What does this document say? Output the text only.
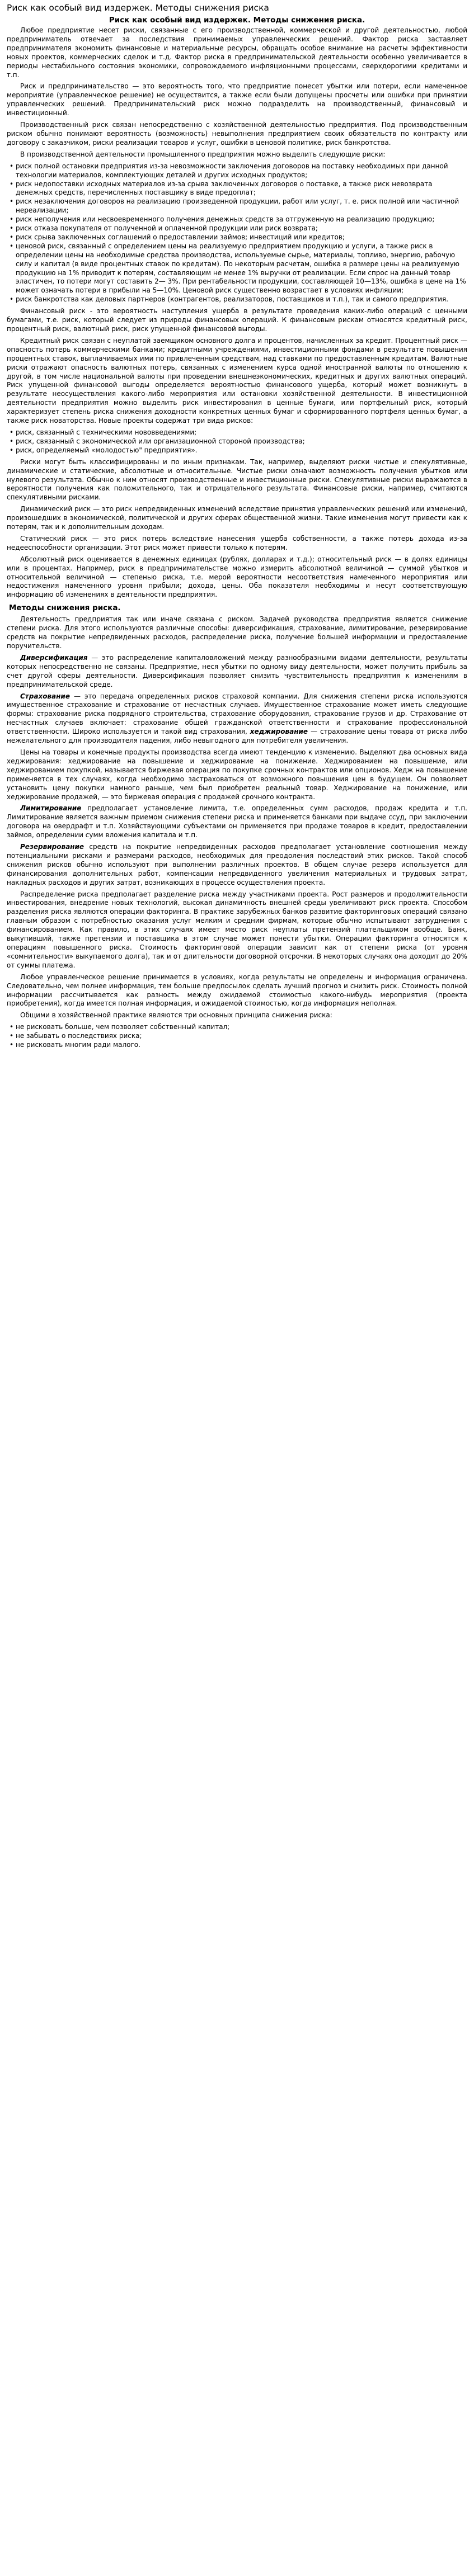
Риск как особый вид издержек. Методы снижения риска
Риск как особый вид издержек. Методы снижения риска.

Любое предприятие несет риски, связанные с его производственной, коммерческой и другой деятельностью, любой предприниматель отвечает за последствия принимаемых управленческих решений. Фактор риска заставляет предпринимателя экономить финансовые и материальные ресурсы, обращать особое внимание на расчеты эффективности новых проектов, коммерческих сделок и т.д. Фактор риска в предпринимательской деятельности особенно увеличивается в периоды нестабильного состояния экономики, сопровождаемого инфляционными процессами, сверхдорогими кредитами и т.п.

Риск и предпринимательство — это вероятность того, что предприятие понесет убытки или потери, если намеченное мероприятие (управленческое решение) не осуществится, а также если были допущены просчеты или ошибки при принятии управленческих решений. Предпринимательский риск можно подразделить на производственный, финансовый и инвестиционный.

Производственный риск связан непосредственно с хозяйственной деятельностью предприятия. Под производственным риском обычно понимают вероятность (возможность) невыполнения предприятием своих обязательств по контракту или договору с заказчиком, риски реализации товаров и услуг, ошибки в ценовой политике, риск банкротства.

В производственной деятельности промышленного предприятия можно выделить следующие риски:

• риск полной остановки предприятия из-за невозможности заключения договоров на поставку необходимых при данной технологии материалов, комплектующих деталей и других исходных продуктов;
• риск недопоставки исходных материалов из-за срыва заключенных договоров о поставке, а также риск невозврата денежных средств, перечисленных поставщику в виде предоплат;
• риск незаключения договоров на реализацию произведенной продукции, работ или услуг, т. е. риск полной или частичной нереализации;
• риск неполучения или несвоевременного получения денежных средств за отгруженную на реализацию продукцию;
• риск отказа покупателя от полученной и оплаченной продукции или риск возврата;
• риск срыва заключенных соглашений о предоставлении займов; инвестиций или кредитов;
• ценовой риск, связанный с определением цены на реализуемую предприятием продукцию и услуги, а также риск в определении цены на необходимые средства производства, используемые сырье, материалы, топливо, энергию, рабочую силу и капитал (в виде процентных ставок по кредитам). По некоторым расчетам, ошибка в размере цены на реализуемую продукцию на 1% приводит к потерям, составляющим не менее 1% выручки от реализации. Если спрос на данный товар эластичен, то потери могут составить 2— 3%. При рентабельности продукции, составляющей 10—13%, ошибка в цене на 1% может означать потери в прибыли на 5—10%. Ценовой риск существенно возрастает в условиях инфляции;
• риск банкротства как деловых партнеров (контрагентов, реализаторов, поставщиков и т.п.), так и самого предприятия.

Финансовый риск - это вероятность наступления ущерба в результате проведения каких-либо операций с ценными бумагами, т.е. риск, который следует из природы финансовых операций. К финансовым рискам относятся кредитный риск, процентный риск, валютный риск, риск упущенной финансовой выгоды.

Кредитный риск связан с неуплатой заемщиком основного долга и процентов, начисленных за кредит. Процентный риск — опасность потерь коммерческими банками; кредитными учреждениями, инвестиционными фондами в результате повышения процентных ставок, выплачиваемых ими по привлеченным средствам, над ставками по предоставленным кредитам. Валютные риски отражают опасность валютных потерь, связанных с изменением курса одной иностранной валюты по отношению к другой, в том числе национальной валюты при проведении внешнеэкономических, кредитных и других валютных операций. Риск упущенной финансовой выгоды определяется вероятностью финансового ущерба, который может возникнуть в результате неосуществления какого-либо мероприятия или остановки хозяйственной деятельности. В инвестиционной деятельности предприятия можно выделить риск инвестирования в ценные бумаги, или портфельный риск, который характеризует степень риска снижения доходности конкретных ценных бумаг и сформированного портфеля ценных бумаг, а также риск новаторства. Новые проекты содержат три вида рисков:

• риск, связанный с техническими нововведениями;
• риск, связанный с экономической или организационной стороной производства;
• риск, определяемый «молодостью" предприятия».

Риски могут быть классифицированы и по иным признакам. Так, например, выделяют риски чистые и спекулятивные, динамические и статические, абсолютные и относительные. Чистые риски означают возможность получения убытков или нулевого результата. Обычно к ним относят производственные и инвестиционные риски. Спекулятивные риски выражаются в вероятности получения как положительного, так и отрицательного результата. Финансовые риски, например, считаются спекулятивными рисками.

Динамический риск — это риск непредвиденных изменений вследствие принятия управленческих решений или изменений, произошедших в экономической, политической и других сферах общественной жизни. Такие изменения могут привести как к потерям, так и к дополнительным доходам.

Статический риск — это риск потерь вследствие нанесения ущерба собственности, а также потерь дохода из-за недееспособности организации. Этот риск может привести только к потерям.

Абсолютный риск оценивается в денежных единицах (рублях, долларах и т.д.); относительный риск — в долях единицы или в процентах. Например, риск в предпринимательстве можно измерить абсолютной величиной — суммой убытков и относительной величиной — степенью риска, т.е. мерой вероятности несоответствия намеченного мероприятия или недостижения намеченного уровня прибыли; дохода, цены. Оба показателя необходимы и несут соответствующую информацию об изменениях в деятельности предприятия.

Методы снижения риска.

Деятельность предприятия так или иначе связана с риском. Задачей руководства предприятия является снижение степени риска. Для этого используются различные способы: диверсификация, страхование, лимитирование, резервирование средств на покрытие непредвиденных расходов, распределение риска, получение большей информации и предоставление поручительств.

Диверсификация — это распределение капиталовложений между разнообразными видами деятельности, результаты которых непосредственно не связаны. Предприятие, неся убытки по одному виду деятельности, может получить прибыль за счет другой сферы деятельности. Диверсификация позволяет снизить чувствительность предприятия к изменениям в предпринимательской среде.

Страхование — это передача определенных рисков страховой компании. Для снижения степени риска используются имущественное страхование и страхование от несчастных случаев. Имущественное страхование может иметь следующие формы: страхование риска подрядного строительства, страхование оборудования, страхование грузов и др. Страхование от несчастных случаев включает: страхование общей гражданской ответственности и страхование профессиональной ответственности. Широко используется и такой вид страхования, хеджирование — страхование цены товара от риска либо нежелательного для производителя падения, либо невыгодного для потребителя увеличения.

Цены на товары и конечные продукты производства всегда имеют тенденцию к изменению. Выделяют два основных вида хеджирования: хеджирование на повышение и хеджирование на понижение. Хеджированием на повышение, или хеджированием покупкой, называется биржевая операция по покупке срочных контрактов или опционов. Хедж на повышение применяется в тех случаях, когда необходимо застраховаться от возможного повышения цен в будущем. Он позволяет установить цену покупки намного раньше, чем был приобретен реальный товар. Хеджирование на понижение, или хеджирование продажей, — это биржевая операция с продажей срочного контракта.

Лимитирование предполагает установление лимита, т.е. определенных сумм расходов, продаж кредита и т.п. Лимитирование является важным приемом снижения степени риска и применяется банками при выдаче ссуд, при заключении договора на овердрафт и т.п. Хозяйствующими субъектами он применяется при продаже товаров в кредит, предоставлении займов, определении сумм вложения капитала и т.п.

Резервирование средств на покрытие непредвиденных расходов предполагает установление соотношения между потенциальными рисками и размерами расходов, необходимых для преодоления последствий этих рисков. Такой способ снижения рисков обычно используют при выполнении различных проектов. В общем случае резерв используется для финансирования дополнительных работ, компенсации непредвиденного увеличения материальных и трудовых затрат, накладных расходов и других затрат, возникающих в процессе осуществления проекта.

Распределение риска предполагает разделение риска между участниками проекта. Рост размеров и продолжительности инвестирования, внедрение новых технологий, высокая динамичность внешней среды увеличивают риск проекта. Способом разделения риска являются операции факторинга. В практике зарубежных банков развитие факторинговых операций связано главным образом с потребностью оказания услуг мелким и средним фирмам, которые обычно испытывают затруднения с финансированием. Как правило, в этих случаях имеет место риск неуплаты претензий плательщиком вообще. Банк, выкупивший, также претензии и поставщика в этом случае может понести убытки. Операции факторинга относятся к операциям повышенного риска. Стоимость факторинговой операции зависит как от степени риска (от уровня «сомнительности» выкупаемого долга), так и от длительности договорной отсрочки. В некоторых случаях она доходит до 20% от суммы платежа.

Любое управленческое решение принимается в условиях, когда результаты не определены и информация ограничена. Следовательно, чем полнее информация, тем больше предпосылок сделать лучший прогноз и снизить риск. Стоимость полной информации рассчитывается как разность между ожидаемой стоимостью какого-нибудь мероприятия (проекта приобретения), когда имеется полная информация, и ожидаемой стоимостью, когда информация неполная.

Общими в хозяйственной практике являются три основных принципа снижения риска:

• не рисковать больше, чем позволяет собственный капитал;
• не забывать о последствиях риска;
• не рисковать многим ради малого.
